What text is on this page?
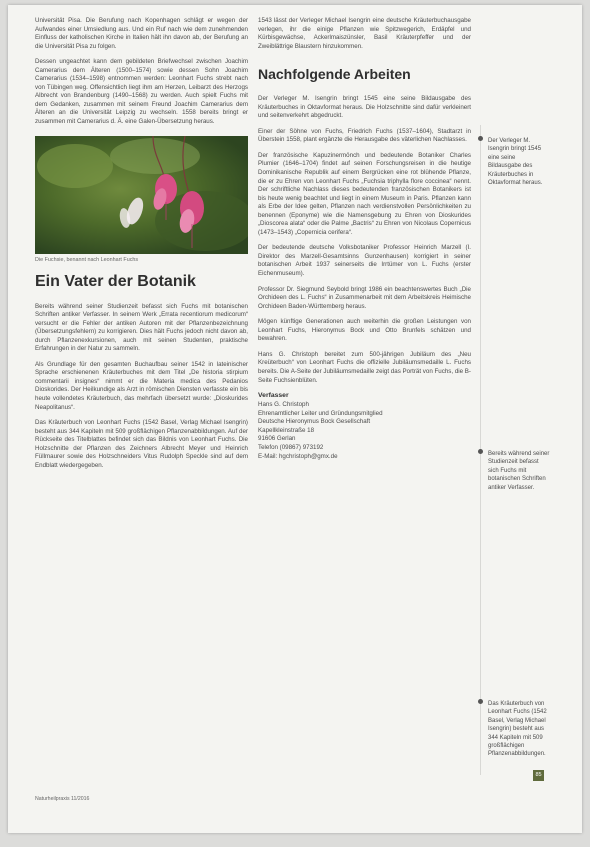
Universität Pisa. Die Berufung nach Kopenhagen schlägt er wegen der Aufwandes einer Umsiedlung aus. Und ein Ruf nach wie dem zunehmenden Einfluss der katholischen Kirche in Italien hält ihn davon ab, der Berufung an die Universität Pisa zu folgen.

Dessen ungeachtet kann dem gebildeten Briefwechsel zwischen Joachim Camerarius dem Älteren (1500–1574) sowie dessen Sohn Joachim Camerarius (1534–1598) entnommen werden: Leonhart Fuchs strebt nach von Tübingen weg. Offensichtlich liegt ihm am Herzen, Leibarzt des Herzogs Albrecht von Brandenburg (1490–1568) zu werden. Auch spielt Fuchs mit dem Gedanken, zusammen mit seinem Freund Joachim Camerarius dem Älteren an die Universität Leipzig zu wechseln. 1558 bereits bringt er zusammen mit Camerarius d. Ä. eine Galen-Übersetzung heraus.

Die Fuchsie, benannt nach Leonhart Fuchs
Ein Vater der Botanik

Bereits während seiner Studienzeit befasst sich Fuchs mit botanischen Schriften antiker Verfasser. In seinem Werk „Errata recentiorum medicorum“ versucht er die Fehler der antiken Autoren mit der Pflanzenbezeichnung (Übersetzungsfehlern) zu korrigieren. Dies hält Fuchs jedoch nicht davon ab, durch Pflanzenexkursionen, auch mit seinen Studenten, praktische Erfahrungen in der Natur zu sammeln.

Als Grundlage für den gesamten Buchaufbau seiner 1542 in lateinischer Sprache erschienenen Kräuterbuches mit dem Titel „De historia stirpium commentarii insignes“ nimmt er die Materia medica des Pedanios Dioskorides. Der Heilkundige als Arzt in römischen Diensten verfasste ein bis heute vollendetes Kräuterbuch, das mehrfach übersetzt wurde: „Dioskurides Neapolitanus“.

Das Kräuterbuch von Leonhart Fuchs (1542 Basel, Verlag Michael Isengrin) besteht aus 344 Kapiteln mit 509 großflächigen Pflanzenabbildungen. Auf der Rückseite des Titelblattes befindet sich das Bildnis von Leonhart Fuchs. Die Holzschnitte der Pflanzen des Zeichners Albrecht Meyer und Heinrich Füllmaurer sowie des Holzschneiders Vitus Rudolph Speckle sind auf dem Endblatt wiedergegeben.

1543 lässt der Verleger Michael Isengrin eine deutsche Kräuterbuchausgabe verlegen, ihr die einige Pflanzen wie Spitzwegerich, Erdäpfel und Kürbisgewächse, Ackerlmaiszünsler, Basil Kräuterpfeffer und der Zweiblättrige Blaustern hinzukommen.

Nachfolgende Arbeiten

Der Verleger M. Isengrin bringt 1545 eine seine Bildausgabe des Kräuterbuches in Oktavformat heraus. Die Holzschnitte sind dafür verkleinert und seitenverkehrt abgedruckt.

Einer der Söhne von Fuchs, Friedrich Fuchs (1537–1604), Stadtarzt in Überstein 1558, plant ergänzte die Herausgabe des väterlichen Nachlasses.

Der französische Kapuzinermönch und bedeutende Botaniker Charles Plumier (1646–1704) findet auf seinen Forschungsreisen in die heutige Dominikanische Republik auf einem Bergrücken eine rot blühende Pflanze, die er zu Ehren von Leonhart Fuchs „Fuchsia triphylla flore coccinea“ nennt. Der schriftliche Nachlass dieses bedeutenden französischen Botanikers ist bis heute wenig beachtet und liegt in einem Museum in Paris. Pflanzen kann als Erbe der Idee gelten, Pflanzen nach verdienstvollen Persönlichkeiten zu benennen (Eponyme) wie die Namensgebung zu Ehren von Dioskurides „Dioscorea alata“ oder die Palme „Bactris“ zu Ehren von Nicolaus Copernicus (1473–1543) „Copernicia cerifera“.

Der bedeutende deutsche Volksbotaniker Professor Heinrich Marzell (I. Direktor des Marzell-Gesamtsinns Gunzenhausen) korrigiert in seiner botanischen Arbeit 1937 seinerseits die Irrtümer von L. Fuchs (erster Eichenmuseum).

Professor Dr. Siegmund Seybold bringt 1986 ein beachtenswertes Buch „Die Orchideen des L. Fuchs“ in Zusammenarbeit mit dem Arbeitskreis Heimische Orchideen Baden-Württemberg heraus.

Mögen künftige Generationen auch weiterhin die großen Leistungen von Leonhart Fuchs, Hieronymus Bock und Otto Brunfels schätzen und bewahren.

Hans G. Christoph bereitet zum 500-jährigen Jubiläum des „Neu Kreüterbuch“ von Leonhart Fuchs die offizielle Jubiläumsmedaille L. Fuchs bereits. Die A-Seite der Jubiläumsmedaille zeigt das Porträt von Fuchs, die B-Seite Fuchsienblüten.

Verfasser
Hans G. Christoph
Ehrenamtlicher Leiter und Gründungsmitglied
Deutsche Hieronymus Bock Gesellschaft
Kapellkleinstraße 18
91606 Gerlan
Telefon (09867) 973192
E-Mail: hgchristoph@gmx.de

Der Verleger M. Isengrin bringt 1545 eine seine Bildausgabe des Kräuterbuches in Oktavformat heraus.

Bereits während seiner Studienzeit befasst sich Fuchs mit botanischen Schriften antiker Verfasser.

Das Kräuterbuch von Leonhart Fuchs (1542 Basel, Verlag Michael Isengrin) besteht aus 344 Kapiteln mit 509 großflächigen Pflanzenabbildungen.

Naturheilpraxis 11/2016
85
